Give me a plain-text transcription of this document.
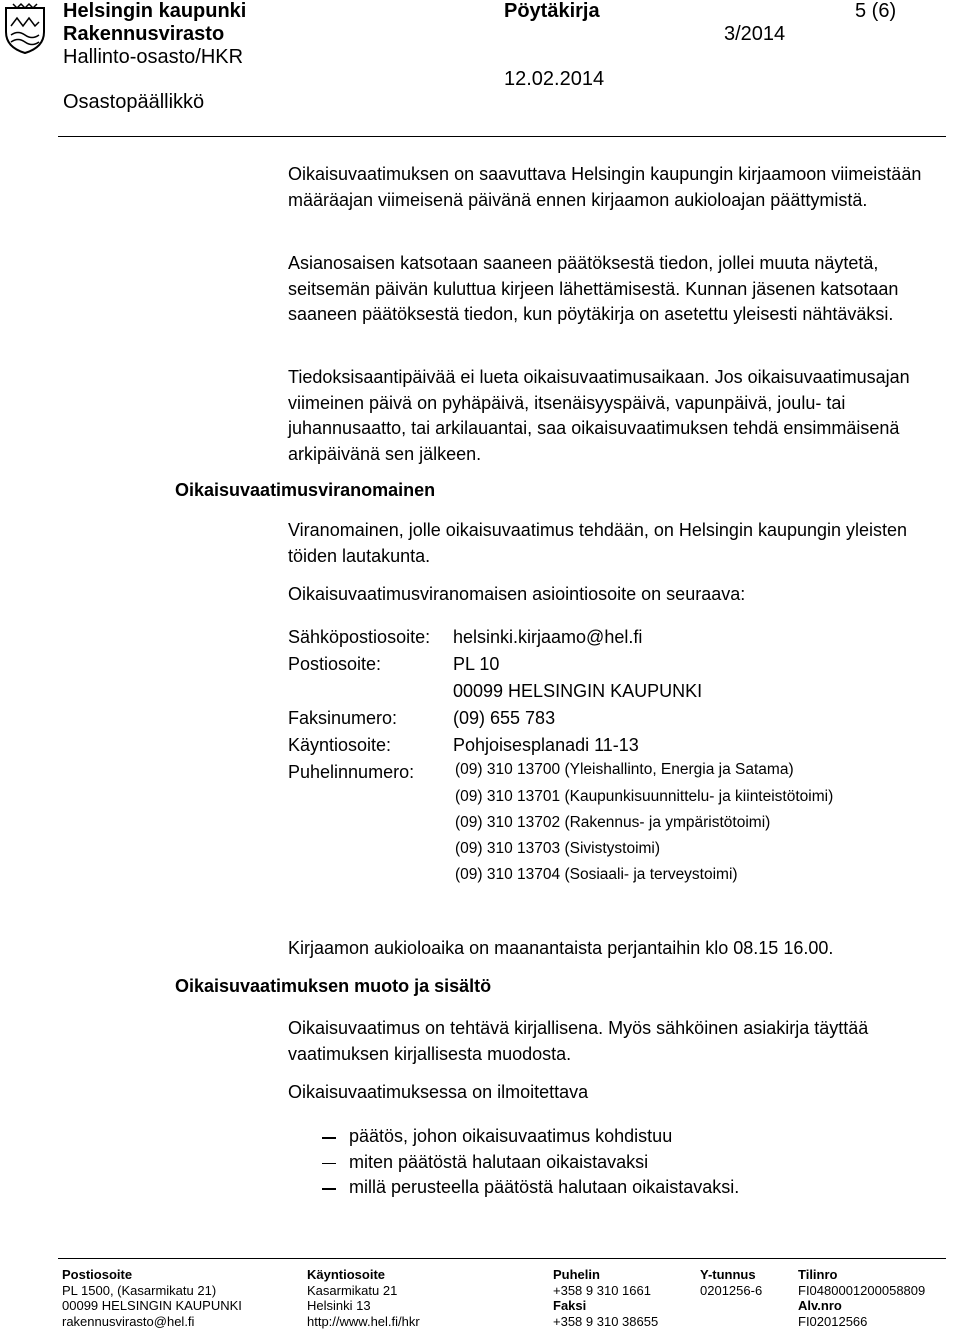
Helsingin kaupunki
Rakennusvirasto
Hallinto-osasto/HKR
Osastopäällikkö
Pöytäkirja
3/2014
12.02.2014
5 (6)
Oikaisuvaatimuksen on saavuttava Helsingin kaupungin kirjaamoon viimeistään määräajan viimeisenä päivänä ennen kirjaamon aukioloajan päättymistä.
Asianosaisen katsotaan saaneen päätöksestä tiedon, jollei muuta näytetä, seitsemän päivän kuluttua kirjeen lähettämisestä. Kunnan jäsenen katsotaan saaneen päätöksestä tiedon, kun pöytäkirja on asetettu yleisesti nähtäväksi.
Tiedoksisaantipäivää ei lueta oikaisuvaatimusaikaan. Jos oikaisuvaatimusajan viimeinen päivä on pyhäpäivä, itsenäisyyspäivä, vapunpäivä, joulu- tai juhannusaatto, tai arkilauantai, saa oikaisuvaatimuksen tehdä ensimmäisenä arkipäivänä sen jälkeen.
Oikaisuvaatimusviranomainen
Viranomainen, jolle oikaisuvaatimus tehdään, on Helsingin kaupungin yleisten töiden lautakunta.
Oikaisuvaatimusviranomaisen asiointiosoite on seuraava:
Sähköpostiosoite: helsinki.kirjaamo@hel.fi
Postiosoite:	PL 10
00099 HELSINGIN KAUPUNKI
Faksinumero:	(09) 655 783
Käyntiosoite:	Pohjoisesplanadi 11-13
Puhelinnumero:	(09) 310 13700 (Yleishallinto, Energia ja Satama)
(09) 310 13701 (Kaupunkisuunnittelu- ja kiinteistötoimi)
(09) 310 13702 (Rakennus- ja ympäristötoimi)
(09) 310 13703 (Sivistystoimi)
(09) 310 13704 (Sosiaali- ja terveystoimi)
Kirjaamon aukioloaika on maanantaista perjantaihin klo 08.15 16.00.
Oikaisuvaatimuksen muoto ja sisältö
Oikaisuvaatimus on tehtävä kirjallisena. Myös sähköinen asiakirja täyttää vaatimuksen kirjallisesta muodosta.
Oikaisuvaatimuksessa on ilmoitettava
päätös, johon oikaisuvaatimus kohdistuu
miten päätöstä halutaan oikaistavaksi
millä perusteella päätöstä halutaan oikaistavaksi.
Postiosoite
PL 1500, (Kasarmikatu 21)
00099 HELSINGIN KAUPUNKI
rakennusvirasto@hel.fi
Käyntiosoite
Kasarmikatu 21
Helsinki 13
http://www.hel.fi/hkr
Puhelin
+358 9 310 1661
Faksi
+358 9 310 38655
Y-tunnus
0201256-6
Tilinro
FI0480001200058809
Alv.nro
FI02012566
